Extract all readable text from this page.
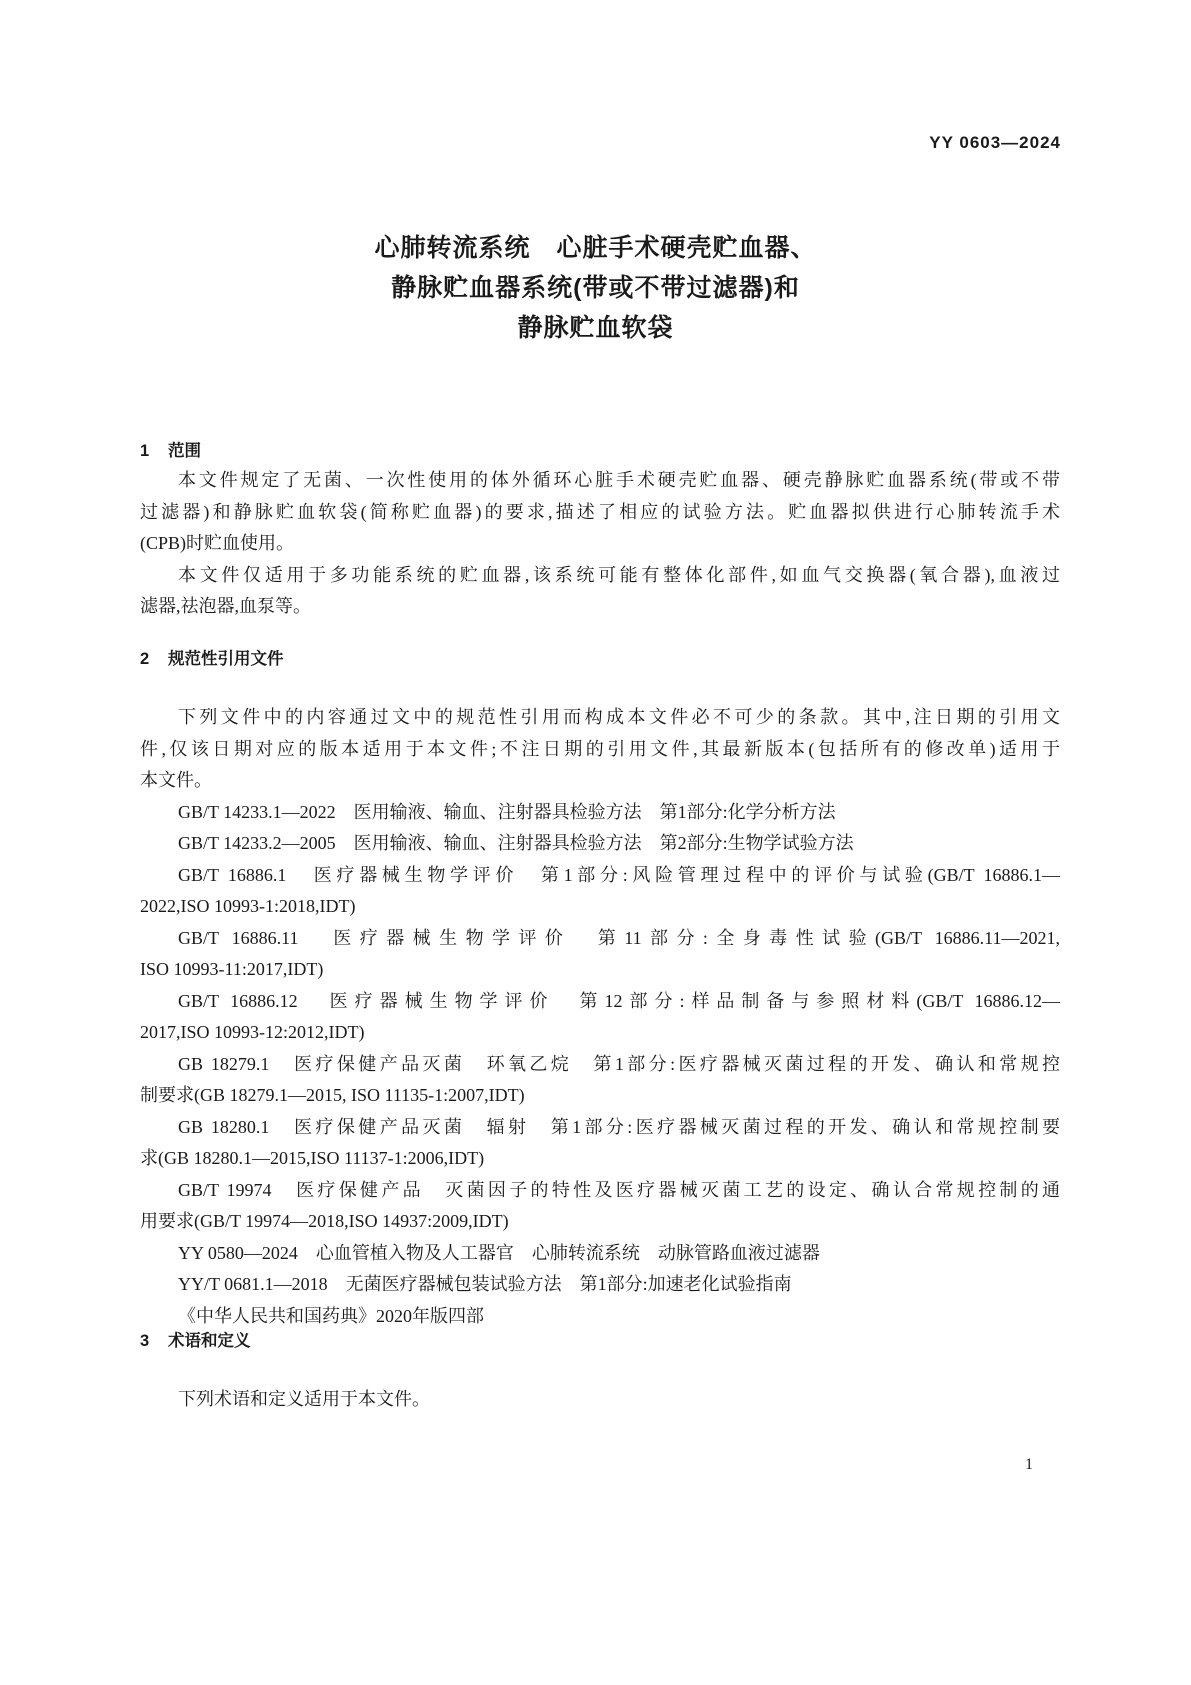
YY 0603—2024
心肺转流系统　心脏手术硬壳贮血器、
静脉贮血器系统(带或不带过滤器)和
静脉贮血软袋
1 范围
本文件规定了无菌、一次性使用的体外循环心脏手术硬壳贮血器、硬壳静脉贮血器系统(带或不带
过滤器)和静脉贮血软袋(简称贮血器)的要求,描述了相应的试验方法。贮血器拟供进行心肺转流手术
(CPB)时贮血使用。
本文件仅适用于多功能系统的贮血器,该系统可能有整体化部件,如血气交换器(氧合器),血液过
滤器,祛泡器,血泵等。
2 规范性引用文件
下列文件中的内容通过文中的规范性引用而构成本文件必不可少的条款。其中,注日期的引用文
件,仅该日期对应的版本适用于本文件;不注日期的引用文件,其最新版本(包括所有的修改单)适用于
本文件。
GB/T 14233.1—2022　医用输液、输血、注射器具检验方法　第1部分:化学分析方法
GB/T 14233.2—2005　医用输液、输血、注射器具检验方法　第2部分:生物学试验方法
GB/T 16886.1　医疗器械生物学评价　第1部分:风险管理过程中的评价与试验(GB/T 16886.1—
2022,ISO 10993-1:2018,IDT)
GB/T 16886.11　医疗器械生物学评价　第11部分:全身毒性试验(GB/T 16886.11—2021,
ISO 10993-11:2017,IDT)
GB/T 16886.12　医疗器械生物学评价　第12部分:样品制备与参照材料(GB/T 16886.12—
2017,ISO 10993-12:2012,IDT)
GB 18279.1　医疗保健产品灭菌　环氧乙烷　第1部分:医疗器械灭菌过程的开发、确认和常规控
制要求(GB 18279.1—2015, ISO 11135-1:2007,IDT)
GB 18280.1　医疗保健产品灭菌　辐射　第1部分:医疗器械灭菌过程的开发、确认和常规控制要
求(GB 18280.1—2015,ISO 11137-1:2006,IDT)
GB/T 19974　医疗保健产品　灭菌因子的特性及医疗器械灭菌工艺的设定、确认合常规控制的通
用要求(GB/T 19974—2018,ISO 14937:2009,IDT)
YY 0580—2024　心血管植入物及人工器官　心肺转流系统　动脉管路血液过滤器
YY/T 0681.1—2018　无菌医疗器械包装试验方法　第1部分:加速老化试验指南
《中华人民共和国药典》2020年版四部
3 术语和定义
下列术语和定义适用于本文件。
1
